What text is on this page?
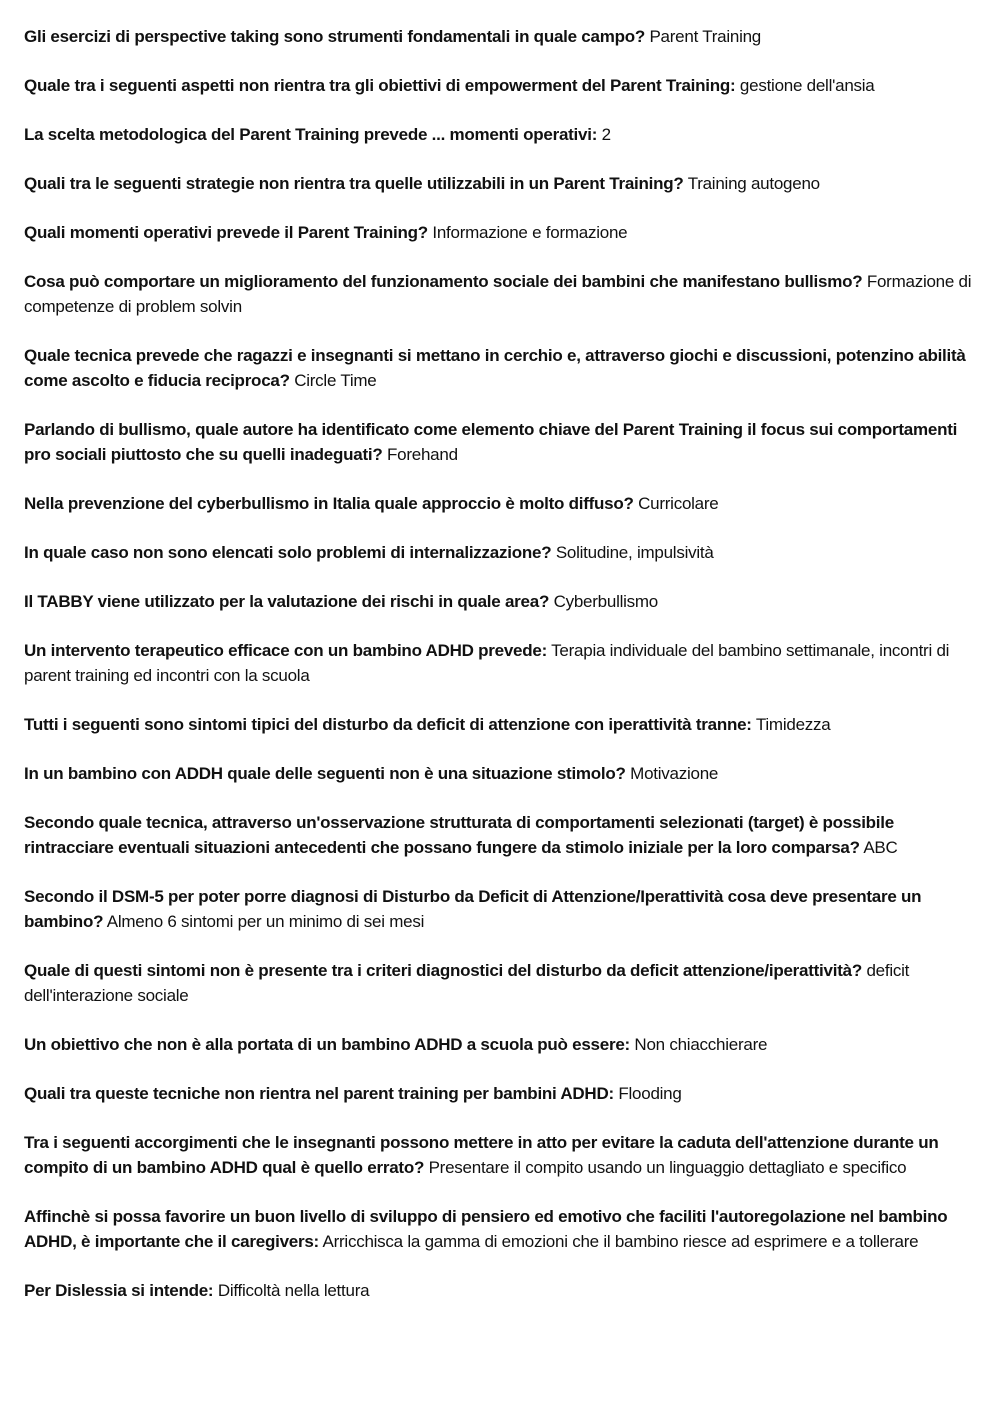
Gli esercizi di perspective taking sono strumenti fondamentali in quale campo? Parent Training

Quale tra i seguenti aspetti non rientra tra gli obiettivi di empowerment del Parent Training: gestione dell'ansia

La scelta metodologica del Parent Training prevede ... momenti operativi: 2

Quali tra le seguenti strategie non rientra tra quelle utilizzabili in un Parent Training? Training autogeno

Quali momenti operativi prevede il Parent Training? Informazione e formazione

Cosa può comportare un miglioramento del funzionamento sociale dei bambini che manifestano bullismo? Formazione di competenze di problem solvin

Quale tecnica prevede che ragazzi e insegnanti si mettano in cerchio e, attraverso giochi e discussioni, potenzino abilità come ascolto e fiducia reciproca? Circle Time

Parlando di bullismo, quale autore ha identificato come elemento chiave del Parent Training il focus sui comportamenti pro sociali piuttosto che su quelli inadeguati? Forehand

Nella prevenzione del cyberbullismo in Italia quale approccio è molto diffuso? Curricolare

In quale caso non sono elencati solo problemi di internalizzazione? Solitudine, impulsività

Il TABBY viene utilizzato per la valutazione dei rischi in quale area? Cyberbullismo

Un intervento terapeutico efficace con un bambino ADHD prevede: Terapia individuale del bambino settimanale, incontri di parent training ed incontri con la scuola

Tutti i seguenti sono sintomi tipici del disturbo da deficit di attenzione con iperattività tranne: Timidezza

In un bambino con ADDH quale delle seguenti non è una situazione stimolo? Motivazione

Secondo quale tecnica, attraverso un'osservazione strutturata di comportamenti selezionati (target) è possibile rintracciare eventuali situazioni antecedenti che possano fungere da stimolo iniziale per la loro comparsa? ABC

Secondo il DSM-5 per poter porre diagnosi di Disturbo da Deficit di Attenzione/Iperattività cosa deve presentare un bambino? Almeno 6 sintomi per un minimo di sei mesi

Quale di questi sintomi non è presente tra i criteri diagnostici del disturbo da deficit attenzione/iperattività? deficit dell'interazione sociale

Un obiettivo che non è alla portata di un bambino ADHD a scuola può essere: Non chiacchierare

Quali tra queste tecniche non rientra nel parent training per bambini ADHD: Flooding

Tra i seguenti accorgimenti che le insegnanti possono mettere in atto per evitare la caduta dell'attenzione durante un compito di un bambino ADHD qual è quello errato? Presentare il compito usando un linguaggio dettagliato e specifico

Affinchè si possa favorire un buon livello di sviluppo di pensiero ed emotivo che faciliti l'autoregolazione nel bambino ADHD, è importante che il caregivers: Arricchisca la gamma di emozioni che il bambino riesce ad esprimere e a tollerare

Per Dislessia si intende: Difficoltà nella lettura
